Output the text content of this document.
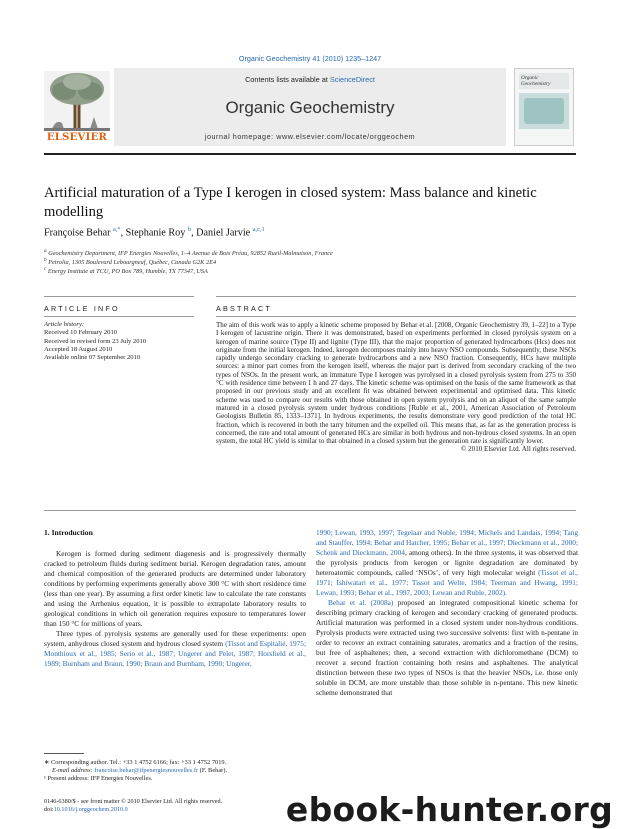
Organic Geochemistry 41 (2010) 1235–1247
ELSEVIER
Contents lists available at ScienceDirect
Organic Geochemistry
journal homepage: www.elsevier.com/locate/orggeochem
Organic Geochemistry
Artificial maturation of a Type I kerogen in closed system: Mass balance and kinetic modelling
Françoise Behar $^{a,*}$, Stephanie Roy $^b$, Daniel Jarvie $^{a,c,1}$
$^a$ Geochemistry Department, IFP Energies Nouvelles, 1–4 Avenue de Bois Préau, 92852 Rueil-Malmaison, France
$^b$ Petrolia, 1305 Boulevard Lebourgneuf, Québec, Canada G2K 2E4
$^c$ Energy Institute at TCU, PO Box 789, Humble, TX 77347, USA
ARTICLE INFO	ABSTRACT
Article history:
Received 10 February 2010
Received in revised form 23 July 2010
Accepted 18 August 2010
Available online 07 September 2010
The aim of this work was to apply a kinetic scheme proposed by Behar et al. [2008, Organic Geochemistry 39, 1–22] to a Type I kerogen of lacustrine origin. There it was demonstrated, based on experiments performed in closed pyrolysis system on a kerogen of marine source (Type II) and lignite (Type III), that the major proportion of generated hydrocarbons (Hcs) does not originate from the initial kerogen. Indeed, kerogen decomposes mainly into heavy NSO compounds. Subsequently, these NSOs rapidly undergo secondary cracking to generate hydrocarbons and a new NSO fraction. Consequently, HCs have multiple sources: a minor part comes from the kerogen itself, whereas the major part is derived from secondary cracking of the two types of NSOs. In the present work, an immature Type I kerogen was pyrolysed in a closed pyrolysis system from 275 to 350 °C with residence time between 1 h and 27 days. The kinetic scheme was optimised on the basis of the same framework as that proposed in our previous study and an excellent fit was obtained between experimental and optimised data. This kinetic scheme was used to compare our results with those obtained in open system pyrolysis and on an aliquot of the same sample matured in a closed pyrolysis system under hydrous conditions [Ruble et al., 2001, American Association of Petroleum Geologists Bulletin 85, 1333–1371]. In hydrous experiments, the results demonstrate very good prediction of the total HC fraction, which is recovered in both the tarry bitumen and the expelled oil. This means that, as far as the generation process is concerned, the rate and total amount of generated HCs are similar in both hydrous and non-hydrous closed systems. In an open system, the total HC yield is similar to that obtained in a closed system but the generation rate is significantly lower.
© 2010 Elsevier Ltd. All rights reserved.
1. Introduction

Kerogen is formed during sediment diagenesis and is progressively thermally cracked to petroleum fluids during sediment burial. Kerogen degradation rates, amount and chemical composition of the generated products are determined under laboratory conditions by performing experiments generally above 300 °C with short residence time (less than one year). By assuming a first order kinetic law to calculate the rate constants and using the Arrhenius equation, it is possible to extrapolate laboratory results to geological conditions in which oil generation requires exposure to temperatures lower than 150 °C for millions of years.

Three types of pyrolysis systems are generally used for these experiments: open system, anhydrous closed system and hydrous closed system (Tissot and Espitalié, 1975; Monthioux et al., 1985; Serio et al., 1987; Ungerer and Pelet, 1987; Horsfield et al., 1989; Burnham and Braun, 1990; Braun and Burnham, 1990; Ungerer,

1990; Lewan, 1993, 1997; Tegelaar and Noble, 1994; Michels and Landais, 1994; Tang and Stauffer, 1994; Behar and Hatcher, 1995; Behar et al., 1997; Dieckmann et al., 2000; Schenk and Dieckmann, 2004, among others). In the three systems, it was observed that the pyrolysis products from kerogen or lignite degradation are dominated by heteroatomic compounds, called ‘NSOs’, of very high molecular weight (Tissot et al., 1971; Ishiwatari et al., 1977; Tissot and Welte, 1984; Teerman and Hwang, 1991; Lewan, 1993; Behar et al., 1997, 2003; Lewan and Ruble, 2002).

Behar et al. (2008a) proposed an integrated compositional kinetic schema for describing primary cracking of kerogen and secondary cracking of generated products. Artificial maturation was performed in a closed system under non-hydrous conditions. Pyrolysis products were extracted using two successive solvents: first with n-pentane in order to recover an extract containing saturates, aromatics and a fraction of the resins, but free of asphaltenes; then, a second extraction with dichloromethane (DCM) to recover a second fraction containing both resins and asphaltenes. The analytical distinction between these two types of NSOs is that the heavier NSOs, i.e. those only soluble in DCM, are more unstable than those soluble in n-pentane. This new kinetic scheme demonstrated that

∗ Corresponding author. Tel.: +33 1 4752 6166; fax: +33 1 4752 7019.
E-mail address: francoise.behar@ifpenergiesnouvelles.fr (F. Behar).
¹ Present address: IFP Energies Nouvelles.
0146-6380/$ - see front matter © 2010 Elsevier Ltd. All rights reserved.
doi:10.1016/j.orggeochem.2010.0	ebook-hunter.org
